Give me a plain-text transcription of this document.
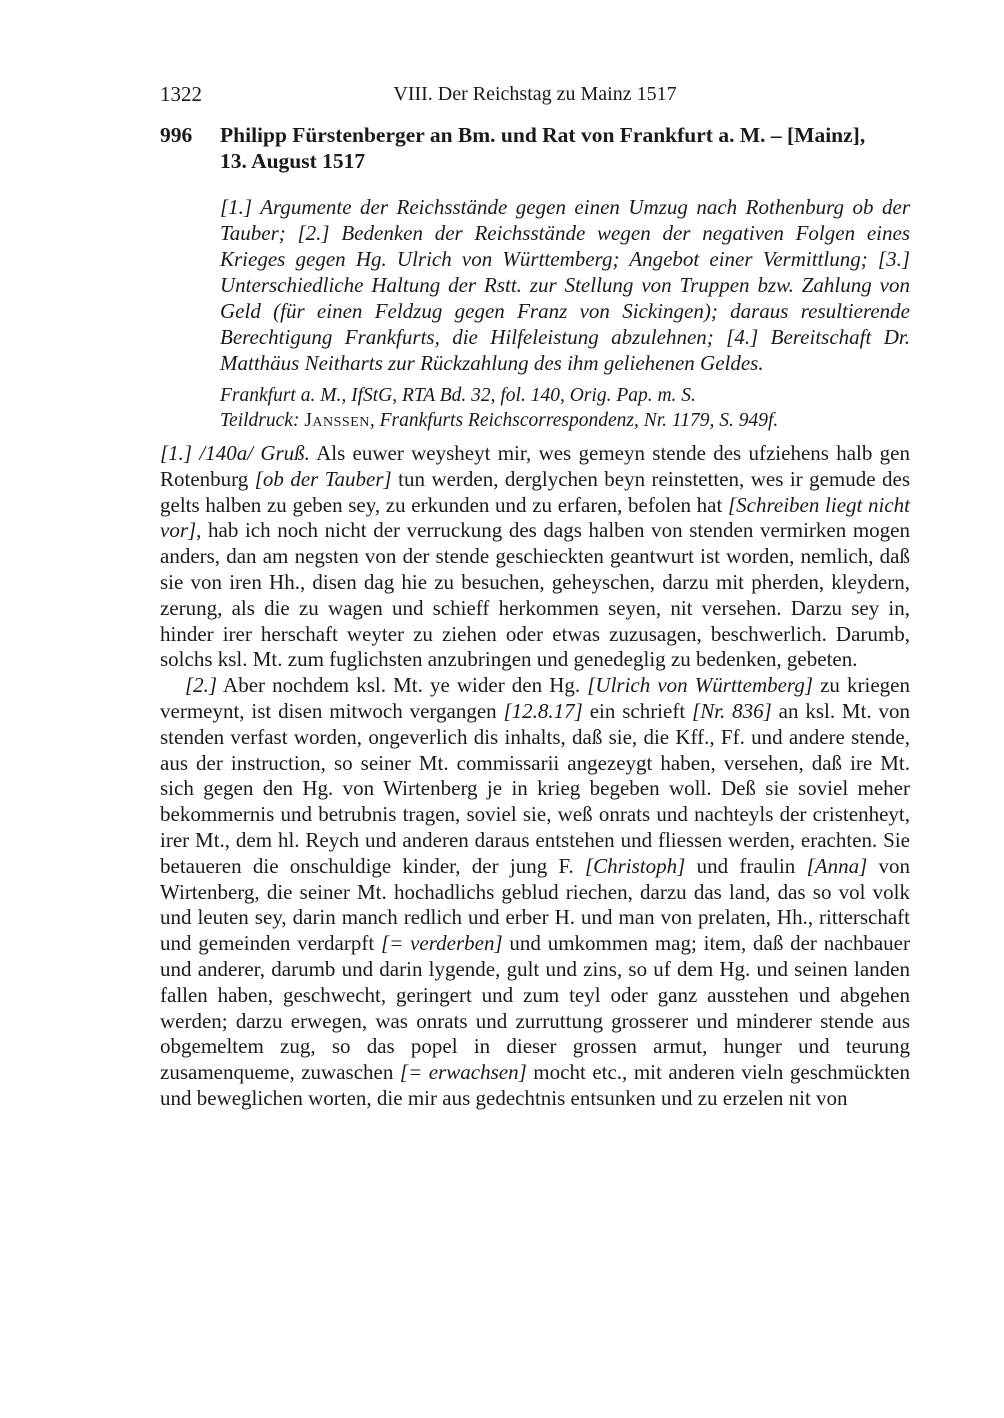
1322	VIII. Der Reichstag zu Mainz 1517
996	Philipp Fürstenberger an Bm. und Rat von Frankfurt a. M. – [Mainz],
13. August 1517
[1.] Argumente der Reichsstände gegen einen Umzug nach Rothenburg ob der Tauber; [2.] Bedenken der Reichsstände wegen der negativen Folgen eines Krieges gegen Hg. Ulrich von Württemberg; Angebot einer Vermittlung; [3.] Unterschiedliche Haltung der Rstt. zur Stellung von Truppen bzw. Zahlung von Geld (für einen Feldzug gegen Franz von Sickingen); daraus resultierende Berechtigung Frankfurts, die Hilfeleistung abzulehnen; [4.] Bereitschaft Dr. Matthäus Neitharts zur Rückzahlung des ihm geliehenen Geldes.
Frankfurt a. M., IfStG, RTA Bd. 32, fol. 140, Orig. Pap. m. S.
Teildruck: Janssen, Frankfurts Reichscorrespondenz, Nr. 1179, S. 949f.

[1.] /140a/ Gruß. Als euwer weysheyt mir, wes gemeyn stende des ufziehens halb gen Rotenburg [ob der Tauber] tun werden, derglychen beyn reinstetten, wes ir gemude des gelts halben zu geben sey, zu erkunden und zu erfaren, befolen hat [Schreiben liegt nicht vor], hab ich noch nicht der verruckung des dags halben von stenden vermirken mogen anders, dan am negsten von der stende geschieckten geantwurt ist worden, nemlich, daß sie von iren Hh., disen dag hie zu besuchen, geheyschen, darzu mit pherden, kleydern, zerung, als die zu wagen und schieff herkommen seyen, nit versehen. Darzu sey in, hinder irer herschaft weyter zu ziehen oder etwas zuzusagen, beschwerlich. Darumb, solchs ksl. Mt. zum fuglichsten anzubringen und genedeglig zu bedenken, gebeten.

[2.] Aber nochdem ksl. Mt. ye wider den Hg. [Ulrich von Württemberg] zu kriegen vermeynt, ist disen mitwoch vergangen [12.8.17] ein schrieft [Nr. 836] an ksl. Mt. von stenden verfast worden, ongeverlich dis inhalts, daß sie, die Kff., Ff. und andere stende, aus der instruction, so seiner Mt. commissarii angezeygt haben, versehen, daß ire Mt. sich gegen den Hg. von Wirtenberg je in krieg begeben woll. Deß sie soviel meher bekommernis und betrubnis tragen, soviel sie, weß onrats und nachteyls der cristenheyt, irer Mt., dem hl. Reych und anderen daraus entstehen und fliessen werden, erachten. Sie betaueren die onschuldige kinder, der jung F. [Christoph] und fraulin [Anna] von Wirtenberg, die seiner Mt. hochadlichs geblud riechen, darzu das land, das so vol volk und leuten sey, darin manch redlich und erber H. und man von prelaten, Hh., ritterschaft und gemeinden verdarpft [= verderben] und umkommen mag; item, daß der nachbauer und anderer, darumb und darin lygende, gult und zins, so uf dem Hg. und seinen landen fallen haben, geschwecht, geringert und zum teyl oder ganz ausstehen und abgehen werden; darzu erwegen, was onrats und zurruttung grosserer und minderer stende aus obgemeltem zug, so das popel in dieser grossen armut, hunger und teurung zusamenqueme, zuwaschen [= erwachsen] mocht etc., mit anderen vieln geschmückten und beweglichen worten, die mir aus gedechtnis entsunken und zu erzelen nit von
